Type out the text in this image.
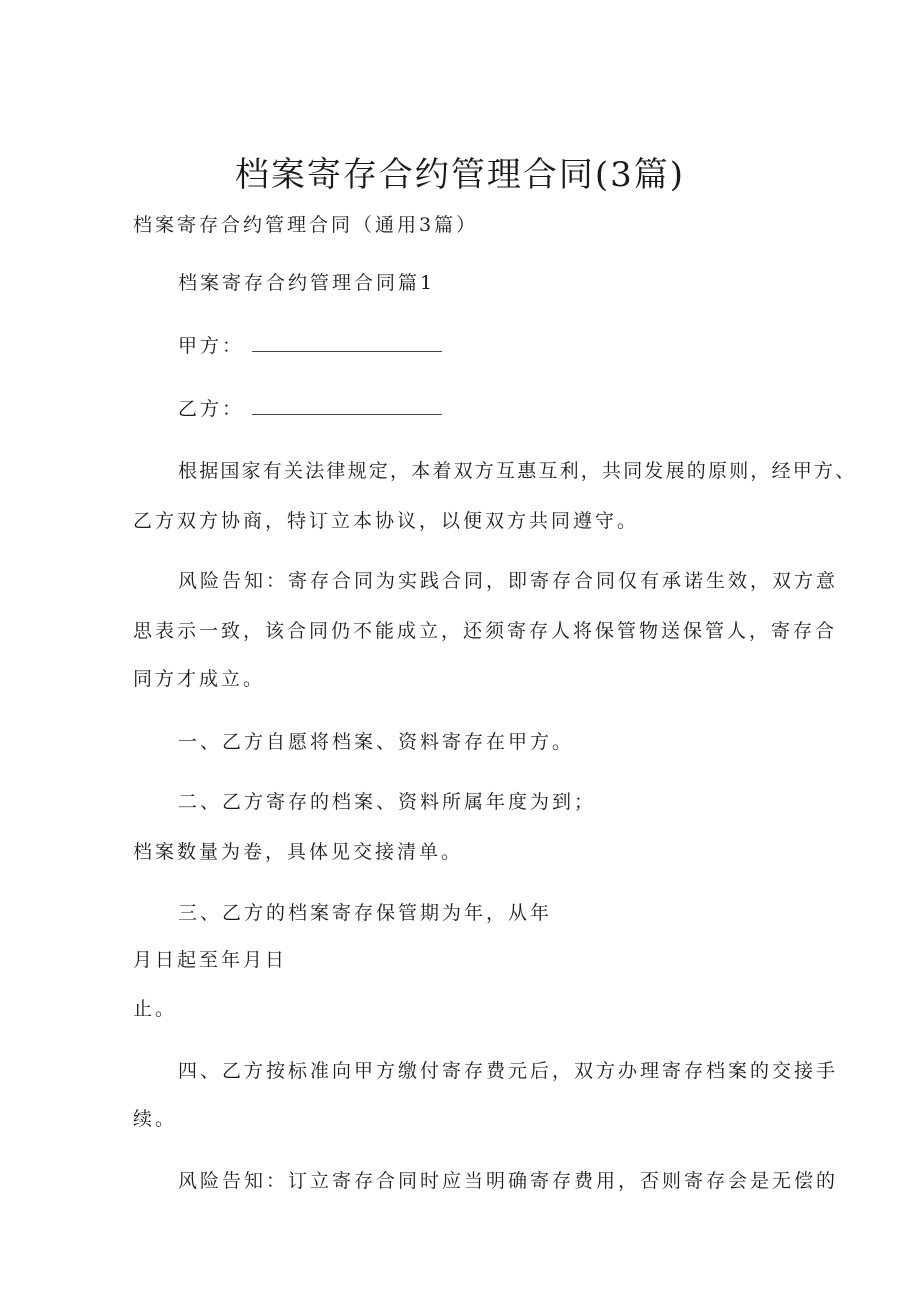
档案寄存合约管理合同(3篇)
档案寄存合约管理合同（通用3篇）
档案寄存合约管理合同篇1
甲方：
乙方：
根据国家有关法律规定，本着双方互惠互利，共同发展的原则，经甲方、
乙方双方协商，特订立本协议，以便双方共同遵守。
风险告知：寄存合同为实践合同，即寄存合同仅有承诺生效，双方意
思表示一致，该合同仍不能成立，还须寄存人将保管物送保管人，寄存合
同方才成立。
一、乙方自愿将档案、资料寄存在甲方。
二、乙方寄存的档案、资料所属年度为到；
档案数量为卷，具体见交接清单。
三、乙方的档案寄存保管期为年，从年
月日起至年月日
止。
四、乙方按标准向甲方缴付寄存费元后，双方办理寄存档案的交接手
续。
风险告知：订立寄存合同时应当明确寄存费用，否则寄存会是无偿的
